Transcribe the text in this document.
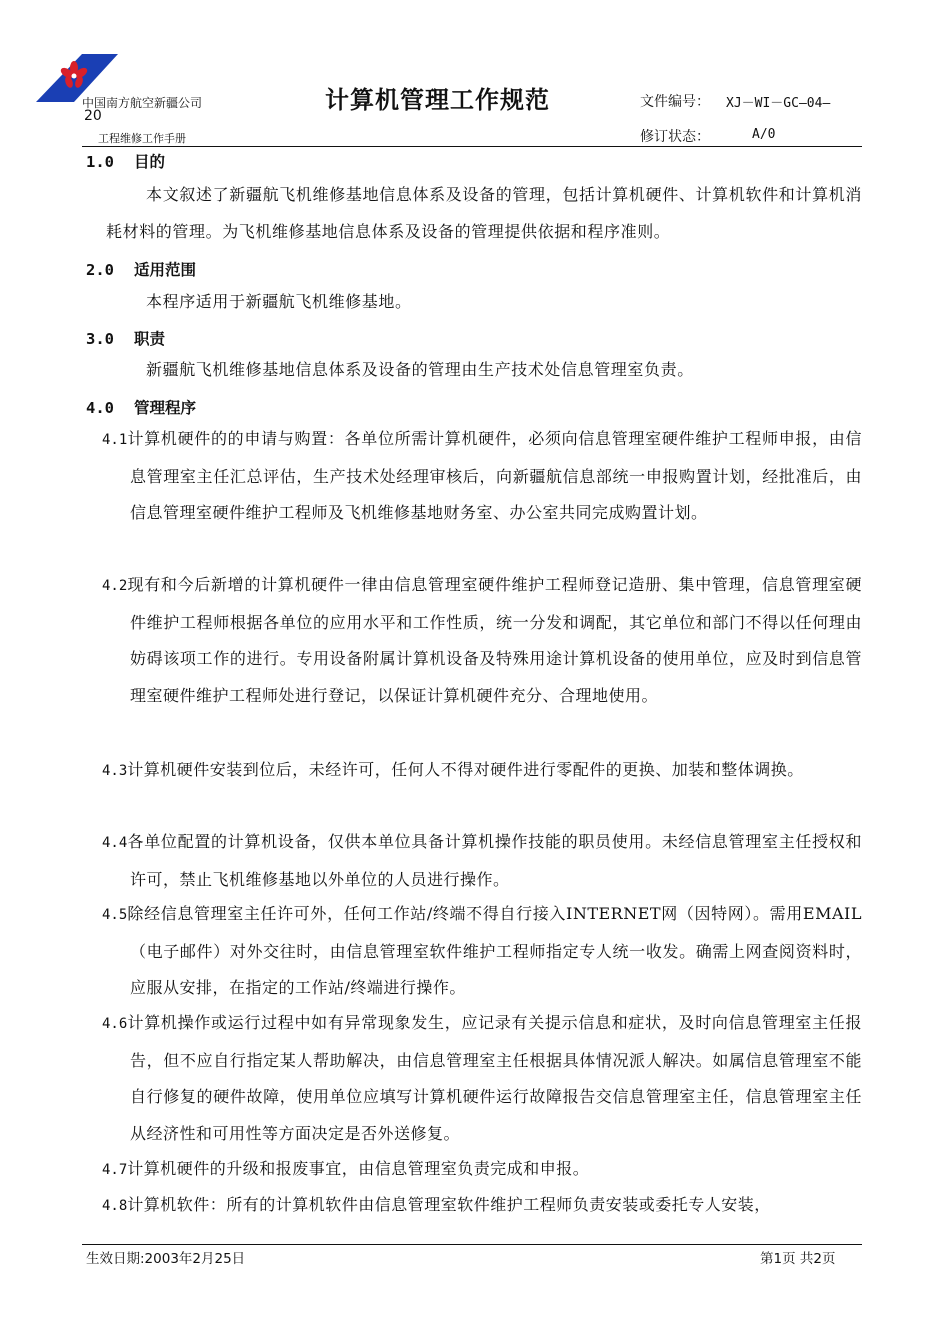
中国南方航空新疆公司	计算机管理工作规范	文件编号： XJ－WI－GC—04—
20
工程维修工作手册	修订状态：	A/0
1.0 目的
本文叙述了新疆航飞机维修基地信息体系及设备的管理，包括计算机硬件、计算机软件和计算机消耗材料的管理。为飞机维修基地信息体系及设备的管理提供依据和程序准则。
2.0 适用范围
本程序适用于新疆航飞机维修基地。
3.0 职责
新疆航飞机维修基地信息体系及设备的管理由生产技术处信息管理室负责。
4.0 管理程序
4.1计算机硬件的的申请与购置：各单位所需计算机硬件，必须向信息管理室硬件维护工程师申报，由信息管理室主任汇总评估，生产技术处经理审核后，向新疆航信息部统一申报购置计划，经批准后，由信息管理室硬件维护工程师及飞机维修基地财务室、办公室共同完成购置计划。
4.2现有和今后新增的计算机硬件一律由信息管理室硬件维护工程师登记造册、集中管理，信息管理室硬件维护工程师根据各单位的应用水平和工作性质，统一分发和调配，其它单位和部门不得以任何理由妨碍该项工作的进行。专用设备附属计算机设备及特殊用途计算机设备的使用单位，应及时到信息管理室硬件维护工程师处进行登记，以保证计算机硬件充分、合理地使用。
4.3计算机硬件安装到位后，未经许可，任何人不得对硬件进行零配件的更换、加装和整体调换。
4.4各单位配置的计算机设备，仅供本单位具备计算机操作技能的职员使用。未经信息管理室主任授权和许可，禁止飞机维修基地以外单位的人员进行操作。
4.5除经信息管理室主任许可外，任何工作站/终端不得自行接入INTERNET网（因特网）。需用EMAIL（电子邮件）对外交往时，由信息管理室软件维护工程师指定专人统一收发。确需上网查阅资料时，应服从安排，在指定的工作站/终端进行操作。
4.6计算机操作或运行过程中如有异常现象发生，应记录有关提示信息和症状，及时向信息管理室主任报告，但不应自行指定某人帮助解决，由信息管理室主任根据具体情况派人解决。如属信息管理室不能自行修复的硬件故障，使用单位应填写计算机硬件运行故障报告交信息管理室主任，信息管理室主任从经济性和可用性等方面决定是否外送修复。
4.7计算机硬件的升级和报废事宜，由信息管理室负责完成和申报。
4.8计算机软件：所有的计算机软件由信息管理室软件维护工程师负责安装或委托专人安装，
生效日期:2003年2月25日	第1页 共2页
